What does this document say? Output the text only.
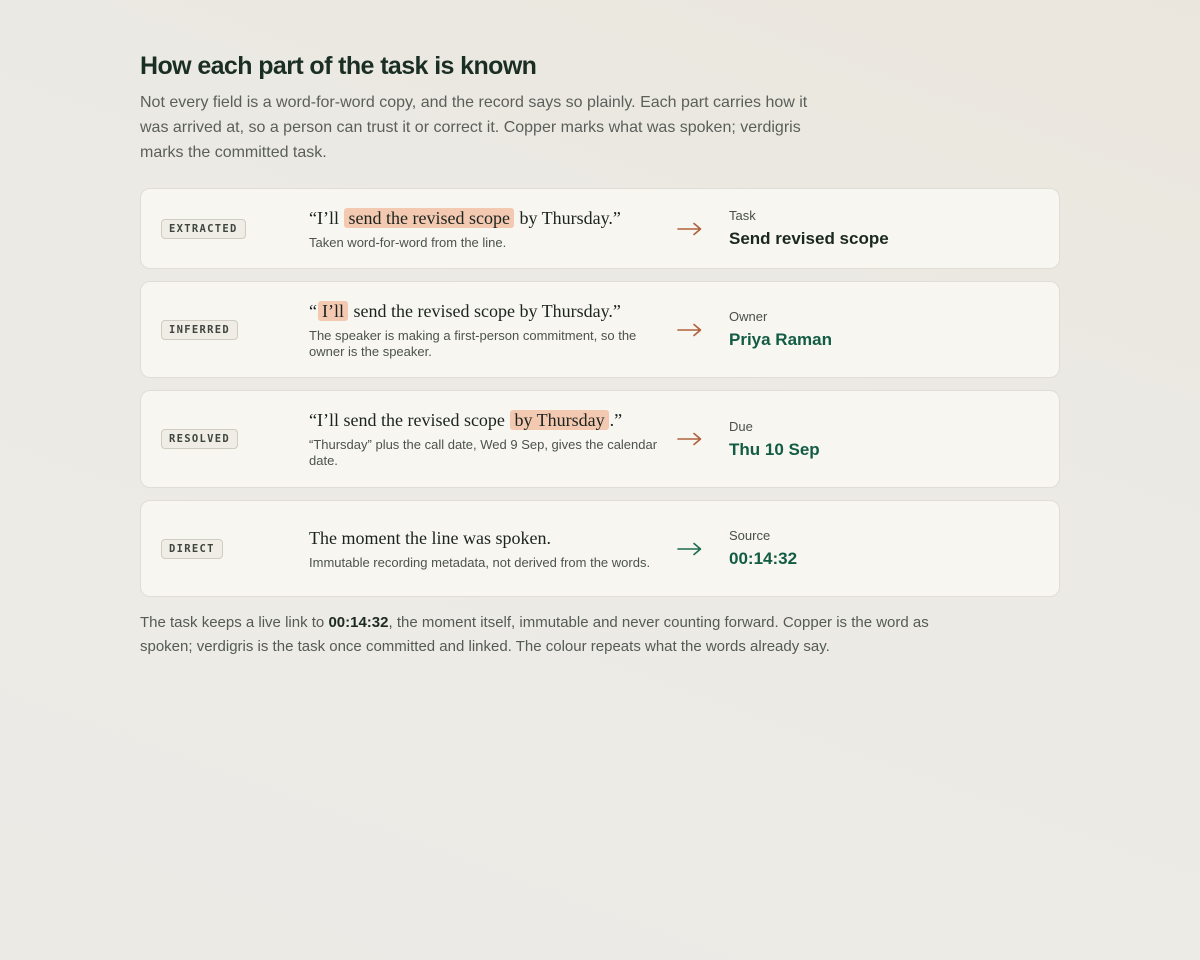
How each part of the task is known

Not every field is a word-for-word copy, and the record says so plainly. Each part carries how it was arrived at, so a person can trust it or correct it. Copper marks what was spoken; verdigris marks the committed task.

EXTRACTED
“I’ll send the revised scope by Thursday.”
Taken word-for-word from the line.
Task
Send revised scope
INFERRED
“ I’ll send the revised scope by Thursday.”
The speaker is making a first-person commitment, so the owner is the speaker.
Owner
Priya Raman
RESOLVED
“I’ll send the revised scope by Thursday .”
“Thursday” plus the call date, Wed 9 Sep, gives the calendar date.
Due
Thu 10 Sep
DIRECT
The moment the line was spoken.
Immutable recording metadata, not derived from the words.
Source
00:14:32

The task keeps a live link to 00:14:32, the moment itself, immutable and never counting forward. Copper is the word as spoken; verdigris is the task once committed and linked. The colour repeats what the words already say.
